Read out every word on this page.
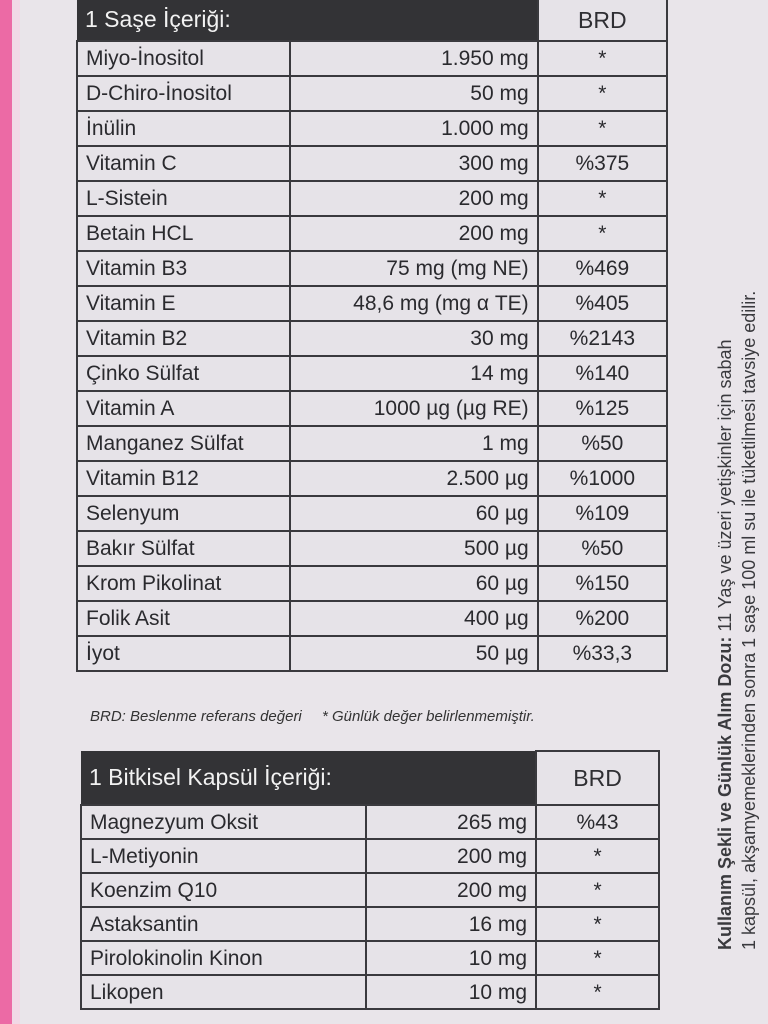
1 Saşe İçeriği:		BRD
Miyo-İnositol	1.950 mg	*
D-Chiro-İnositol	50 mg	*
İnülin	1.000 mg	*
Vitamin C	300 mg	%375
L-Sistein	200 mg	*
Betain HCL	200 mg	*
Vitamin B3	75 mg (mg NE)	%469
Vitamin E	48,6 mg (mg α TE)	%405
Vitamin B2	30 mg	%2143
Çinko Sülfat	14 mg	%140
Vitamin A	1000 µg (µg RE)	%125
Manganez Sülfat	1 mg	%50
Vitamin B12	2.500 µg	%1000
Selenyum	60 µg	%109
Bakır Sülfat	500 µg	%50
Krom Pikolinat	60 µg	%150
Folik Asit	400 µg	%200
İyot	50 µg	%33,3
BRD: Beslenme referans değeri * Günlük değer belirlenmemiştir.
1 Bitkisel Kapsül İçeriği:		BRD
Magnezyum Oksit	265 mg	%43
L-Metiyonin	200 mg	*
Koenzim Q10	200 mg	*
Astaksantin	16 mg	*
Pirolokinolin Kinon	10 mg	*
Likopen	10 mg	*
Kullanım Şekli ve Günlük Alım Dozu: 11 Yaş ve üzeri yetişkinler için sabah 1 kapsül, akşamyemeklerinden sonra 1 saşe 100 ml su ile tüketilmesi tavsiye edilir.
